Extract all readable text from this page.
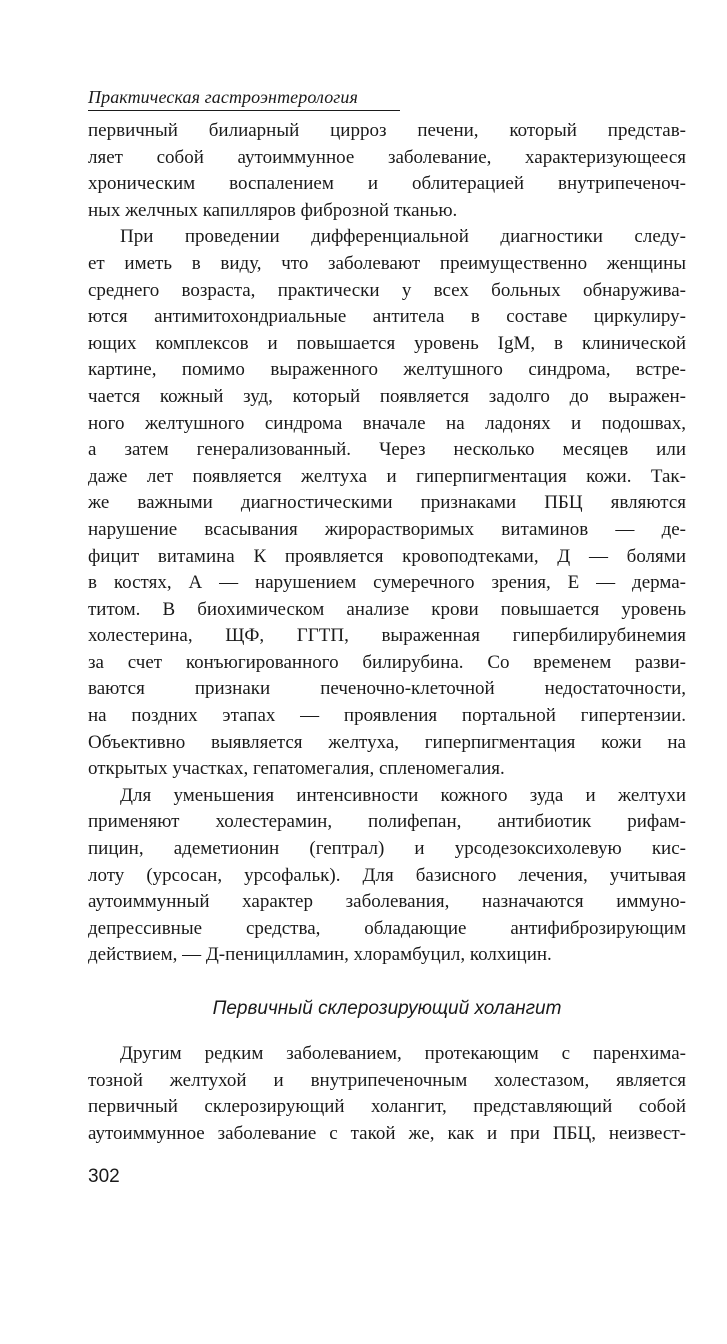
Практическая гастроэнтерология

первичный билиарный цирроз печени, который представ-

ляет собой аутоиммунное заболевание, характеризующееся

хроническим воспалением и облитерацией внутрипеченоч-

ных желчных капилляров фиброзной тканью.

При проведении дифференциальной диагностики следу-

ет иметь в виду, что заболевают преимущественно женщины

среднего возраста, практически у всех больных обнаружива-

ются антимитохондриальные антитела в составе циркулиру-

ющих комплексов и повышается уровень IgM, в клинической

картине, помимо выраженного желтушного синдрома, встре-

чается кожный зуд, который появляется задолго до выражен-

ного желтушного синдрома вначале на ладонях и подошвах,

а затем генерализованный. Через несколько месяцев или

даже лет появляется желтуха и гиперпигментация кожи. Так-

же важными диагностическими признаками ПБЦ являются

нарушение всасывания жирорастворимых витаминов — де-

фицит витамина К проявляется кровоподтеками, Д — болями

в костях, А — нарушением сумеречного зрения, Е — дерма-

титом. В биохимическом анализе крови повышается уровень

холестерина, ЩФ, ГГТП, выраженная гипербилирубинемия

за счет конъюгированного билирубина. Со временем разви-

ваются признаки печеночно-клеточной недостаточности,

на поздних этапах — проявления портальной гипертензии.

Объективно выявляется желтуха, гиперпигментация кожи на

открытых участках, гепатомегалия, спленомегалия.

Для уменьшения интенсивности кожного зуда и желтухи

применяют холестерамин, полифепан, антибиотик рифам-

пицин, адеметионин (гептрал) и урсодезоксихолевую кис-

лоту (урсосан, урсофальк). Для базисного лечения, учитывая

аутоиммунный характер заболевания, назначаются иммуно-

депрессивные средства, обладающие антифиброзирующим

действием, — Д-пеницилламин, хлорамбуцил, колхицин.

Первичный склерозирующий холангит

Другим редким заболеванием, протекающим с паренхима-

тозной желтухой и внутрипеченочным холестазом, является

первичный склерозирующий холангит, представляющий собой

аутоиммунное заболевание с такой же, как и при ПБЦ, неизвест-

302
